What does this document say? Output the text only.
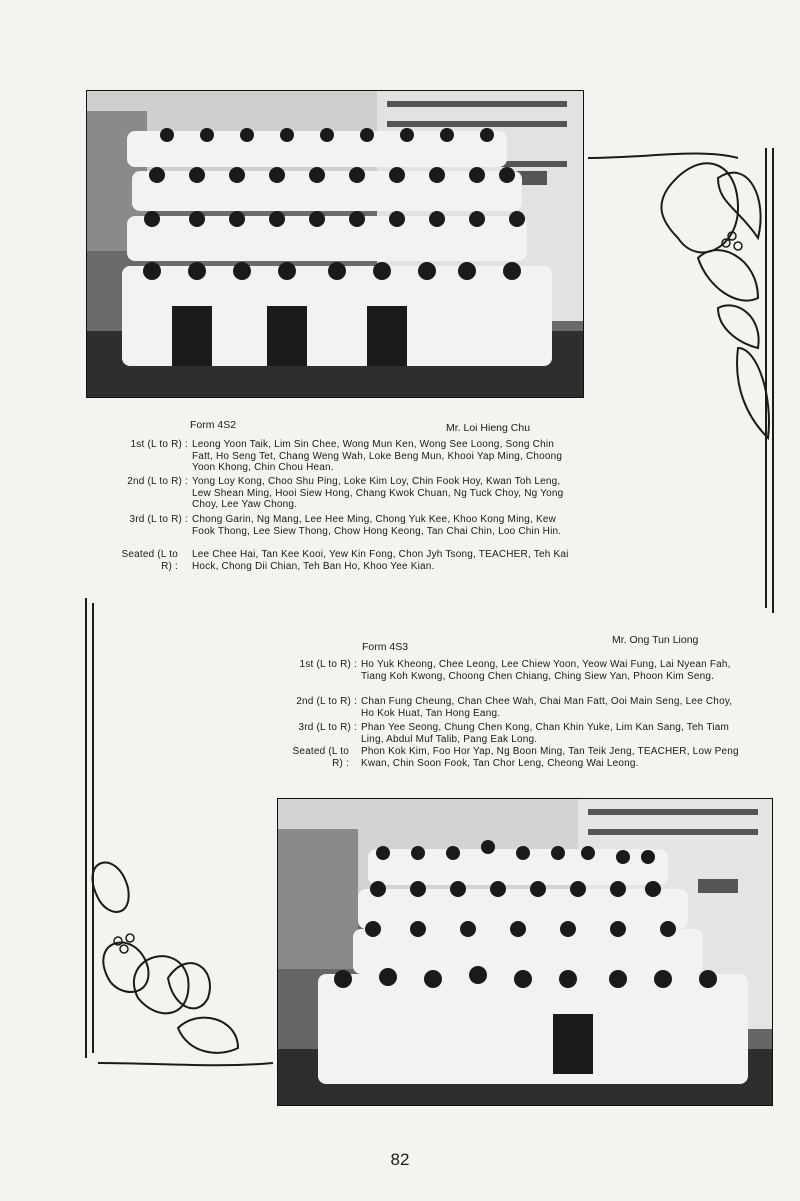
Form 4S2	Mr. Loi Hieng Chu
1st (L to R) : Leong Yoon Taik, Lim Sin Chee, Wong Mun Ken, Wong See Loong, Song Chin Fatt, Ho Seng Tet, Chang Weng Wah, Loke Beng Mun, Khooi Yap Ming, Choong Yoon Khong, Chin Chou Hean.
2nd (L to R) : Yong Loy Kong, Choo Shu Ping, Loke Kim Loy, Chin Fook Hoy, Kwan Toh Leng, Lew Shean Ming, Hooi Siew Hong, Chang Kwok Chuan, Ng Tuck Choy, Ng Yong Choy, Lee Yaw Chong.
3rd (L to R) : Chong Garin, Ng Mang, Lee Hee Ming, Chong Yuk Kee, Khoo Kong Ming, Kew Fook Thong, Lee Siew Thong, Chow Hong Keong, Tan Chai Chin, Loo Chin Hin.
Seated (L to R) :
Lee Chee Hai, Tan Kee Kooi, Yew Kin Fong, Chon Jyh Tsong, TEACHER, Teh Kai Hock, Chong Dii Chian, Teh Ban Ho, Khoo Yee Kian.
Form 4S3
Mr. Ong Tun Liong
1st (L to R) : Ho Yuk Kheong, Chee Leong, Lee Chiew Yoon, Yeow Wai Fung, Lai Nyean Fah, Tiang Koh Kwong, Choong Chen Chiang, Ching Siew Yan, Phoon Kim Seng.
2nd (L to R) : Chan Fung Cheung, Chan Chee Wah, Chai Man Fatt, Ooi Main Seng, Lee Choy, Ho Kok Huat, Tan Hong Eang.
3rd (L to R) : Phan Yee Seong, Chung Chen Kong, Chan Khin Yuke, Lim Kan Sang, Teh Tiam Ling, Abdul Muf Talib, Pang Eak Long.
Seated (L to R) :
Phon Kok Kim, Foo Hor Yap, Ng Boon Ming, Tan Teik Jeng, TEACHER, Low Peng Kwan, Chin Soon Fook, Tan Chor Leng, Cheong Wai Leong.
82
